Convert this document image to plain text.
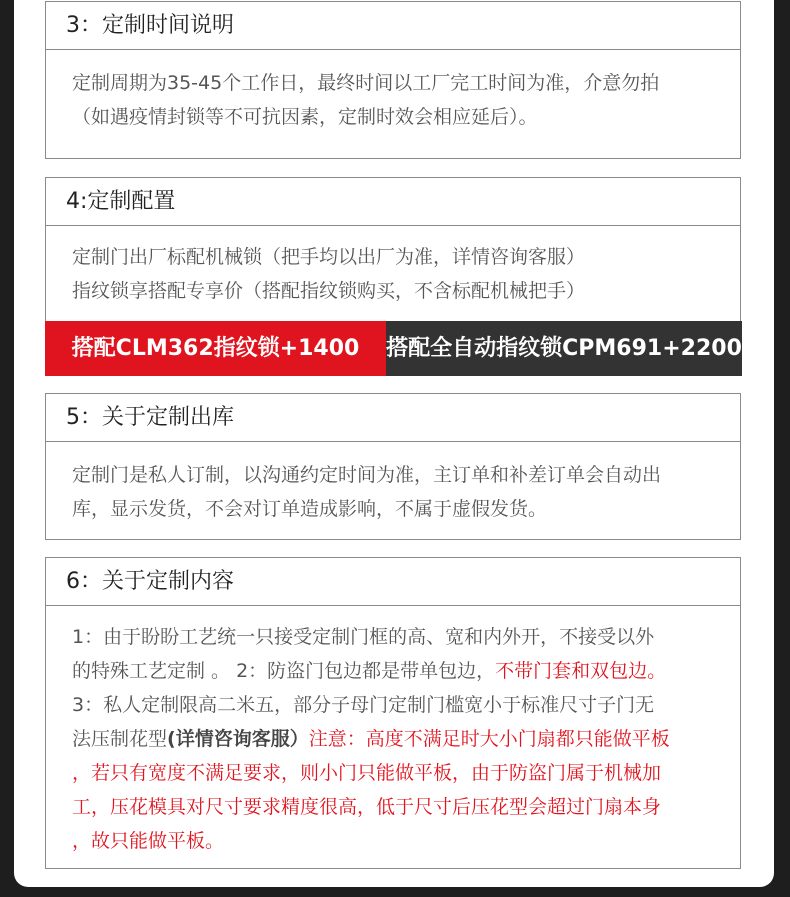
3：定制时间说明
定制周期为35-45个工作日，最终时间以工厂完工时间为准，介意勿拍
（如遇疫情封锁等不可抗因素，定制时效会相应延后）。
4:定制配置
定制门出厂标配机械锁（把手均以出厂为准，详情咨询客服）
指纹锁享搭配专享价（搭配指纹锁购买，不含标配机械把手）
搭配CLM362指纹锁+1400	搭配全自动指纹锁CPM691+2200
5：关于定制出库
定制门是私人订制，以沟通约定时间为准，主订单和补差订单会自动出
库，显示发货，不会对订单造成影响，不属于虚假发货。
6：关于定制内容
1：由于盼盼工艺统一只接受定制门框的高、宽和内外开，不接受以外
的特殊工艺定制 。 2：防盗门包边都是带单包边，不带门套和双包边。
3：私人定制限高二米五，部分子母门定制门槛宽小于标准尺寸子门无
法压制花型(详情咨询客服）注意：高度不满足时大小门扇都只能做平板
，若只有宽度不满足要求，则小门只能做平板，由于防盗门属于机械加
工，压花模具对尺寸要求精度很高，低于尺寸后压花型会超过门扇本身
，故只能做平板。
